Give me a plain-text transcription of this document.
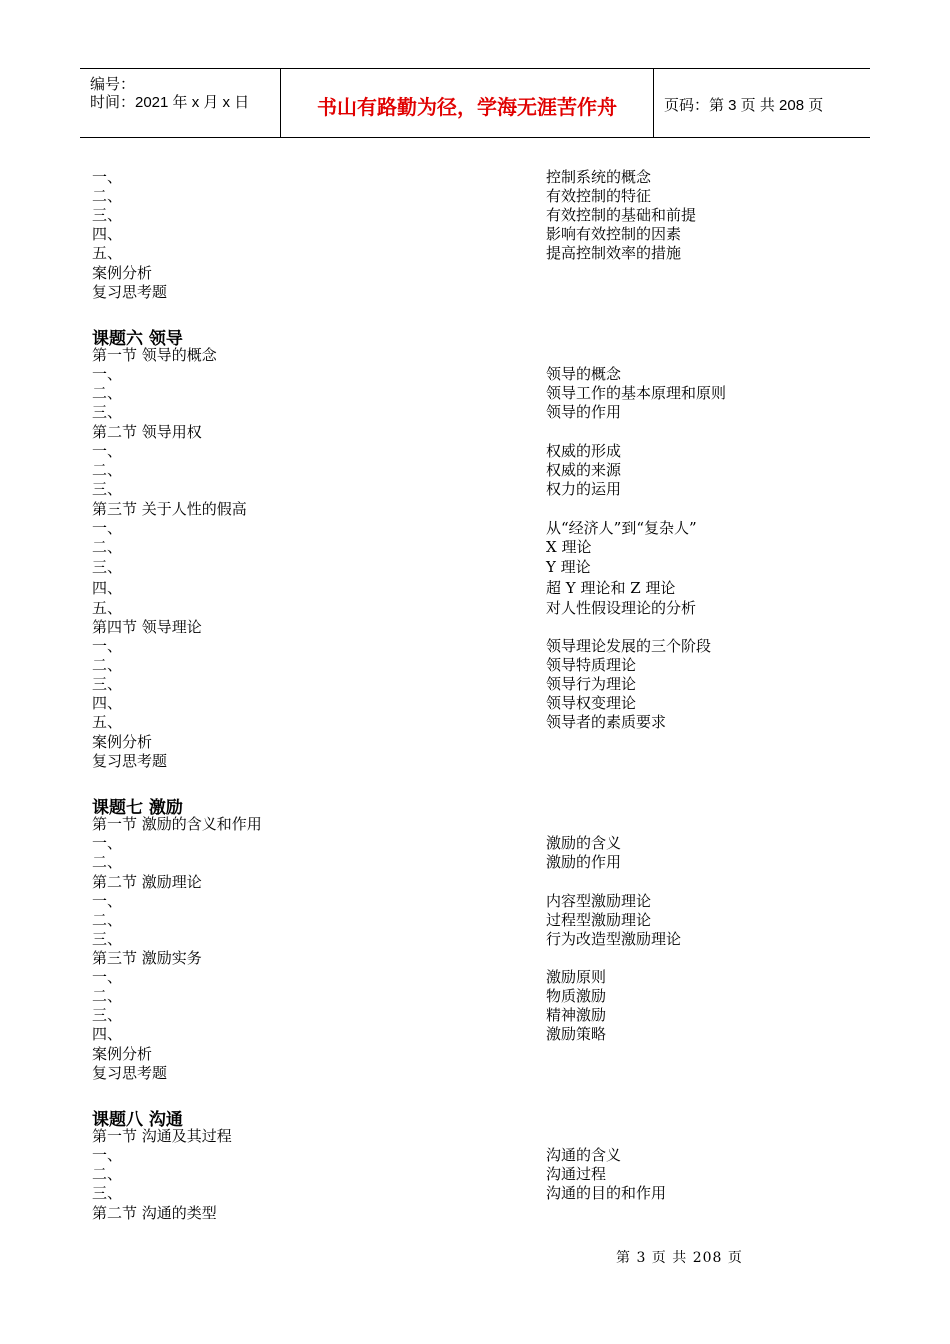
编号：
时间：2021 年 x 月 x 日	书山有路勤为径，学海无涯苦作舟	页码：第 3 页 共 208 页
一、	控制系统的概念
二、	有效控制的特征
三、	有效控制的基础和前提
四、	影响有效控制的因素
五、	提高控制效率的措施
案例分析
复习思考题
课题六 领导
第一节 领导的概念
一、	领导的概念
二、	领导工作的基本原理和原则
三、	领导的作用
第二节 领导用权
一、	权威的形成
二、	权威的来源
三、	权力的运用
第三节 关于人性的假高
一、	从“经济人”到“复杂人”
二、	X 理论
三、	Y 理论
四、	超 Y 理论和 Z 理论
五、	对人性假设理论的分析
第四节 领导理论
一、	领导理论发展的三个阶段
二、	领导特质理论
三、	领导行为理论
四、	领导权变理论
五、	领导者的素质要求
案例分析
复习思考题
课题七 激励
第一节 激励的含义和作用
一、	激励的含义
二、	激励的作用
第二节 激励理论
一、	内容型激励理论
二、	过程型激励理论
三、	行为改造型激励理论
第三节 激励实务
一、	激励原则
二、	物质激励
三、	精神激励
四、	激励策略
案例分析
复习思考题
课题八 沟通
第一节 沟通及其过程
一、	沟通的含义
二、	沟通过程
三、	沟通的目的和作用
第二节 沟通的类型
第 3 页 共 208 页
